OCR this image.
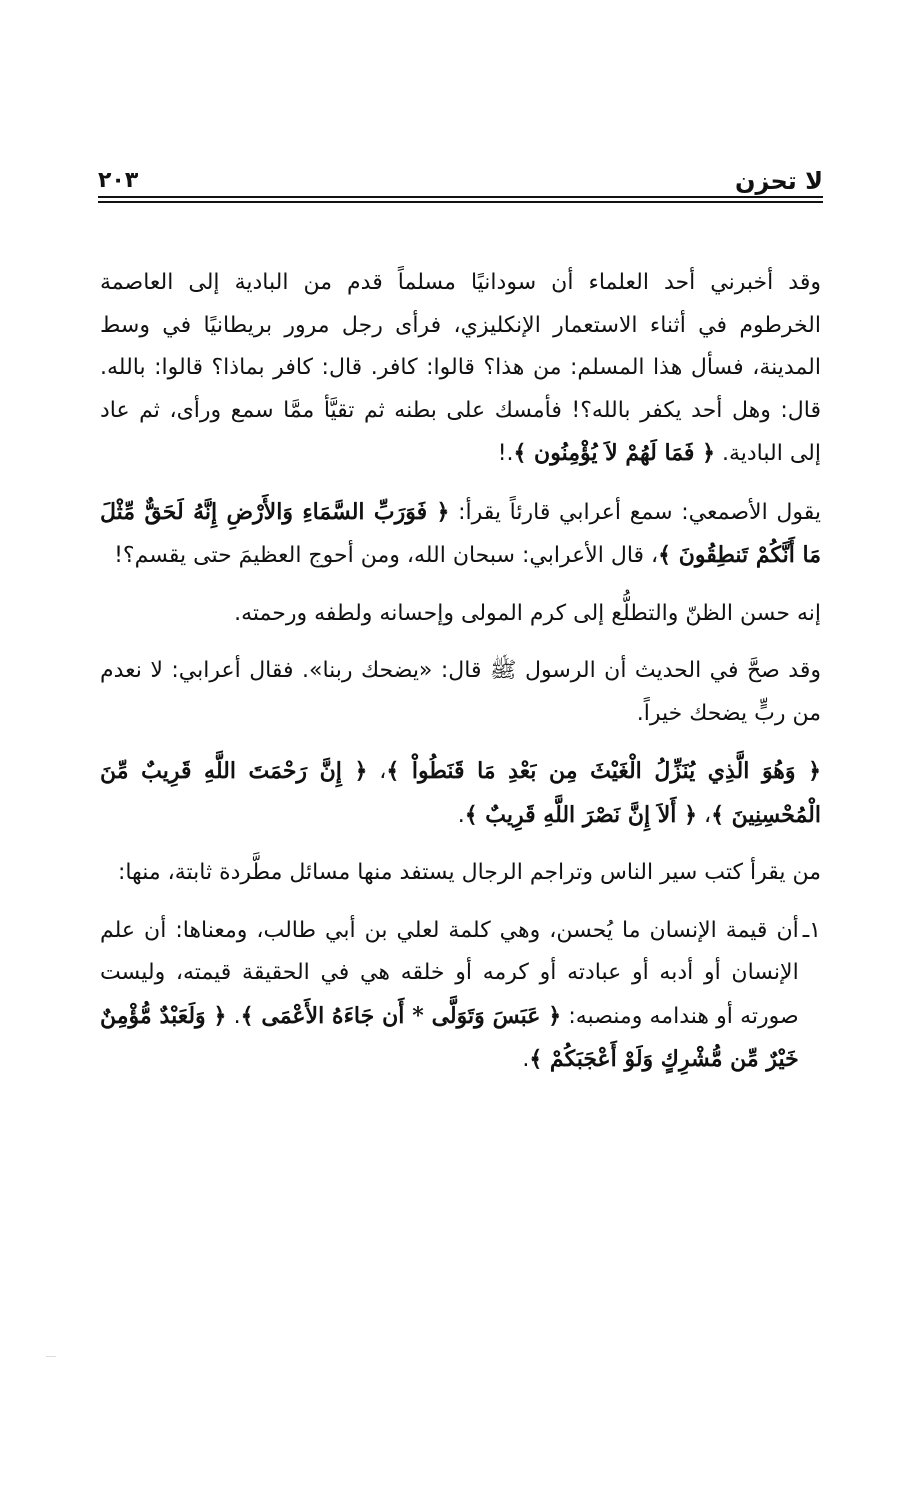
لا تحزن
٢٠٣

وقد أخبرني أحد العلماء أن سودانيًا مسلماً قدم من البادية إلى العاصمة الخرطوم في أثناء الاستعمار الإنكليزي، فرأى رجل مرور بريطانيًا في وسط المدينة، فسأل هذا المسلم: من هذا؟ قالوا: كافر. قال: كافر بماذا؟ قالوا: بالله. قال: وهل أحد يكفر بالله؟! فأمسك على بطنه ثم تقيَّأ ممَّا سمع ورأى، ثم عاد إلى البادية. ﴿ فَمَا لَهُمْ لاَ يُؤْمِنُون ﴾.!

يقول الأصمعي: سمع أعرابي قارئاً يقرأ: ﴿ فَوَرَبِّ السَّمَاءِ وَالأَرْضِ إِنَّهُ لَحَقٌّ مِّثْلَ مَا أَنَّكُمْ تَنطِقُونَ ﴾، قال الأعرابي: سبحان الله، ومن أحوج العظيمَ حتى يقسم؟!

إنه حسن الظنّ والتطلُّع إلى كرم المولى وإحسانه ولطفه ورحمته.

وقد صحَّ في الحديث أن الرسول ﷺ قال: «يضحك ربنا». فقال أعرابي: لا نعدم من ربٍّ يضحك خيراً.

﴿ وَهُوَ الَّذِي يُنَزِّلُ الْغَيْثَ مِن بَعْدِ مَا قَنَطُواْ ﴾، ﴿ إِنَّ رَحْمَتَ اللَّهِ قَرِيبٌ مِّنَ الْمُحْسِنِينَ ﴾، ﴿ أَلاَ إِنَّ نَصْرَ اللَّهِ قَرِيبٌ ﴾.

من يقرأ كتب سير الناس وتراجم الرجال يستفد منها مسائل مطَّردة ثابتة، منها:

١ـ
أن قيمة الإنسان ما يُحسن، وهي كلمة لعلي بن أبي طالب، ومعناها: أن علم الإنسان أو أدبه أو عبادته أو كرمه أو خلقه هي في الحقيقة قيمته، وليست صورته أو هندامه ومنصبه: ﴿ عَبَسَ وَتَوَلَّى * أَن جَاءَهُ الأَعْمَى ﴾. ﴿ وَلَعَبْدٌ مُّؤْمِنٌ خَيْرٌ مِّن مُّشْرِكٍ وَلَوْ أَعْجَبَكُمْ ﴾.
